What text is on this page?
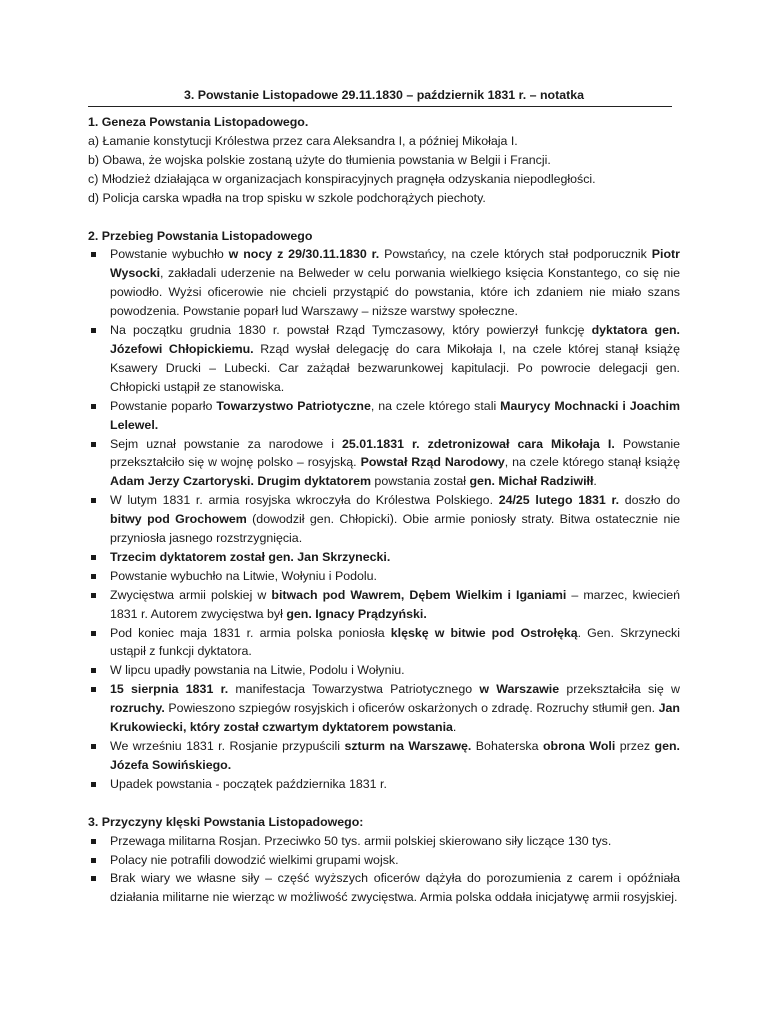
3. Powstanie Listopadowe 29.11.1830 – październik 1831 r. – notatka
1. Geneza Powstania Listopadowego.
a) Łamanie konstytucji Królestwa przez cara Aleksandra I, a później Mikołaja I.
b) Obawa, że wojska polskie zostaną użyte do tłumienia powstania w Belgii i Francji.
c) Młodzież działająca w organizacjach konspiracyjnych pragnęła odzyskania niepodległości.
d) Policja carska wpadła na trop spisku w szkole podchorążych piechoty.
2. Przebieg Powstania Listopadowego
Powstanie wybuchło w nocy z 29/30.11.1830 r. Powstańcy, na czele których stał podporucznik Piotr Wysocki, zakładali uderzenie na Belweder w celu porwania wielkiego księcia Konstantego, co się nie powiodło. Wyżsi oficerowie nie chcieli przystąpić do powstania, które ich zdaniem nie miało szans powodzenia. Powstanie poparł lud Warszawy – niższe warstwy społeczne.
Na początku grudnia 1830 r. powstał Rząd Tymczasowy, który powierzył funkcję dyktatora gen. Józefowi Chłopickiemu. Rząd wysłał delegację do cara Mikołaja I, na czele której stanął książę Ksawery Drucki – Lubecki. Car zażądał bezwarunkowej kapitulacji. Po powrocie delegacji gen. Chłopicki ustąpił ze stanowiska.
Powstanie poparło Towarzystwo Patriotyczne, na czele którego stali Maurycy Mochnacki i Joachim Lelewel.
Sejm uznał powstanie za narodowe i 25.01.1831 r. zdetronizował cara Mikołaja I. Powstanie przekształciło się w wojnę polsko – rosyjską. Powstał Rząd Narodowy, na czele którego stanął książę Adam Jerzy Czartoryski. Drugim dyktatorem powstania został gen. Michał Radziwiłł.
W lutym 1831 r. armia rosyjska wkroczyła do Królestwa Polskiego. 24/25 lutego 1831 r. doszło do bitwy pod Grochowem (dowodził gen. Chłopicki). Obie armie poniosły straty. Bitwa ostatecznie nie przyniosła jasnego rozstrzygnięcia.
Trzecim dyktatorem został gen. Jan Skrzynecki.
Powstanie wybuchło na Litwie, Wołyniu i Podolu.
Zwycięstwa armii polskiej w bitwach pod Wawrem, Dębem Wielkim i Iganiami – marzec, kwiecień 1831 r. Autorem zwycięstwa był gen. Ignacy Prądzyński.
Pod koniec maja 1831 r. armia polska poniosła klęskę w bitwie pod Ostrołęką. Gen. Skrzynecki ustąpił z funkcji dyktatora.
W lipcu upadły powstania na Litwie, Podolu i Wołyniu.
15 sierpnia 1831 r. manifestacja Towarzystwa Patriotycznego w Warszawie przekształciła się w rozruchy. Powieszono szpiegów rosyjskich i oficerów oskarżonych o zdradę. Rozruchy stłumił gen. Jan Krukowiecki, który został czwartym dyktatorem powstania.
We wrześniu 1831 r. Rosjanie przypuścili szturm na Warszawę. Bohaterska obrona Woli przez gen. Józefa Sowińskiego.
Upadek powstania - początek października 1831 r.
3. Przyczyny klęski Powstania Listopadowego:
Przewaga militarna Rosjan. Przeciwko 50 tys. armii polskiej skierowano siły liczące 130 tys.
Polacy nie potrafili dowodzić wielkimi grupami wojsk.
Brak wiary we własne siły – część wyższych oficerów dążyła do porozumienia z carem i opóźniała działania militarne nie wierząc w możliwość zwycięstwa. Armia polska oddała inicjatywę armii rosyjskiej.
